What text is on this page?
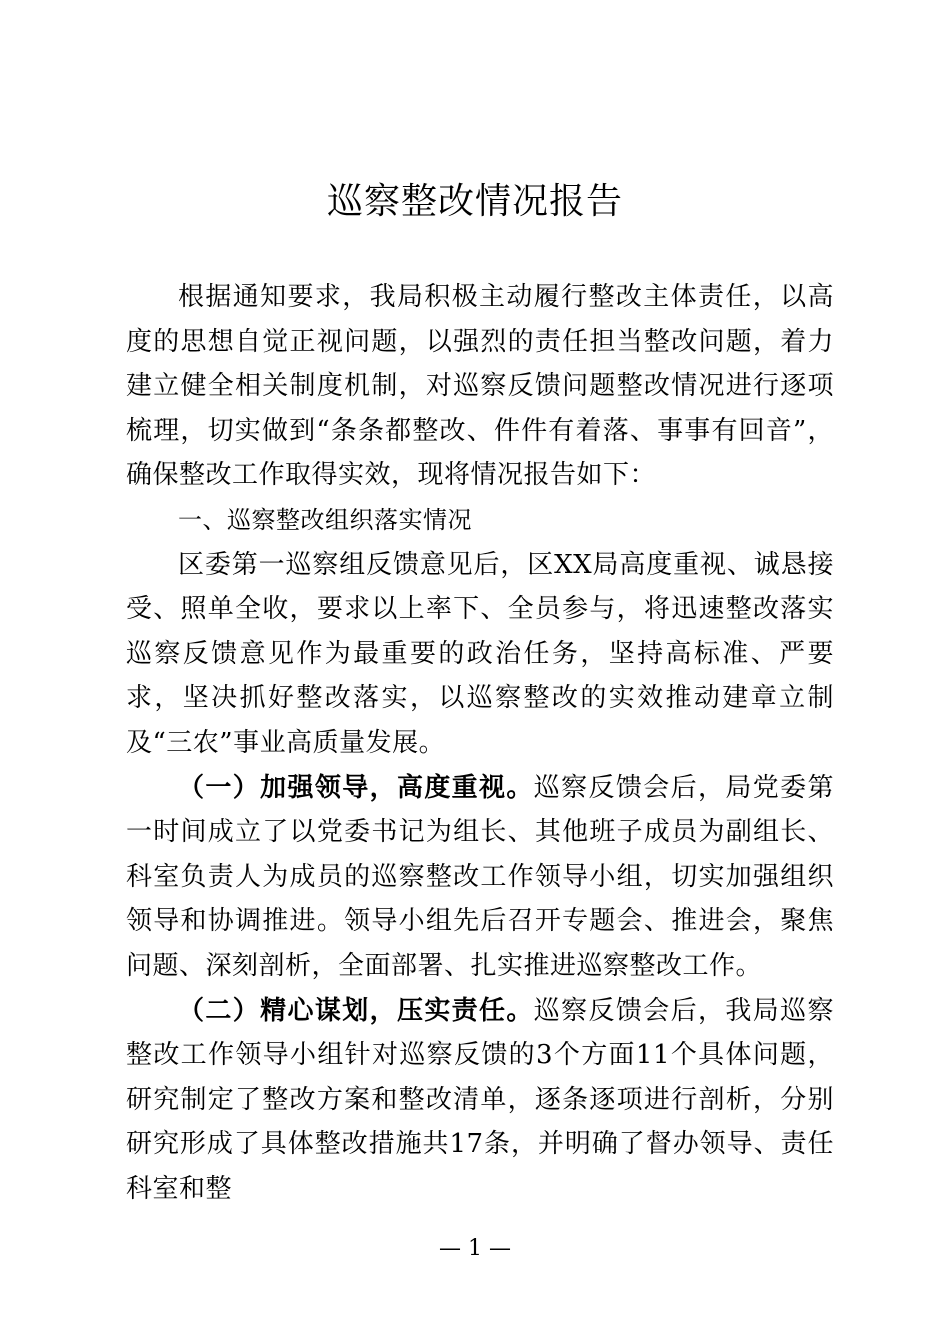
巡察整改情况报告

根据通知要求，我局积极主动履行整改主体责任，以高度的思想自觉正视问题，以强烈的责任担当整改问题，着力建立健全相关制度机制，对巡察反馈问题整改情况进行逐项梳理，切实做到“条条都整改、件件有着落、事事有回音”，确保整改工作取得实效，现将情况报告如下：

一、巡察整改组织落实情况

区委第一巡察组反馈意见后，区XX局高度重视、诚恳接受、照单全收，要求以上率下、全员参与，将迅速整改落实巡察反馈意见作为最重要的政治任务，坚持高标准、严要求，坚决抓好整改落实，以巡察整改的实效推动建章立制及“三农”事业高质量发展。

（一）加强领导，高度重视。巡察反馈会后，局党委第一时间成立了以党委书记为组长、其他班子成员为副组长、科室负责人为成员的巡察整改工作领导小组，切实加强组织领导和协调推进。领导小组先后召开专题会、推进会，聚焦问题、深刻剖析，全面部署、扎实推进巡察整改工作。

（二）精心谋划，压实责任。巡察反馈会后，我局巡察整改工作领导小组针对巡察反馈的3个方面11个具体问题，研究制定了整改方案和整改清单，逐条逐项进行剖析，分别研究形成了具体整改措施共17条，并明确了督办领导、责任科室和整

— 1 —
